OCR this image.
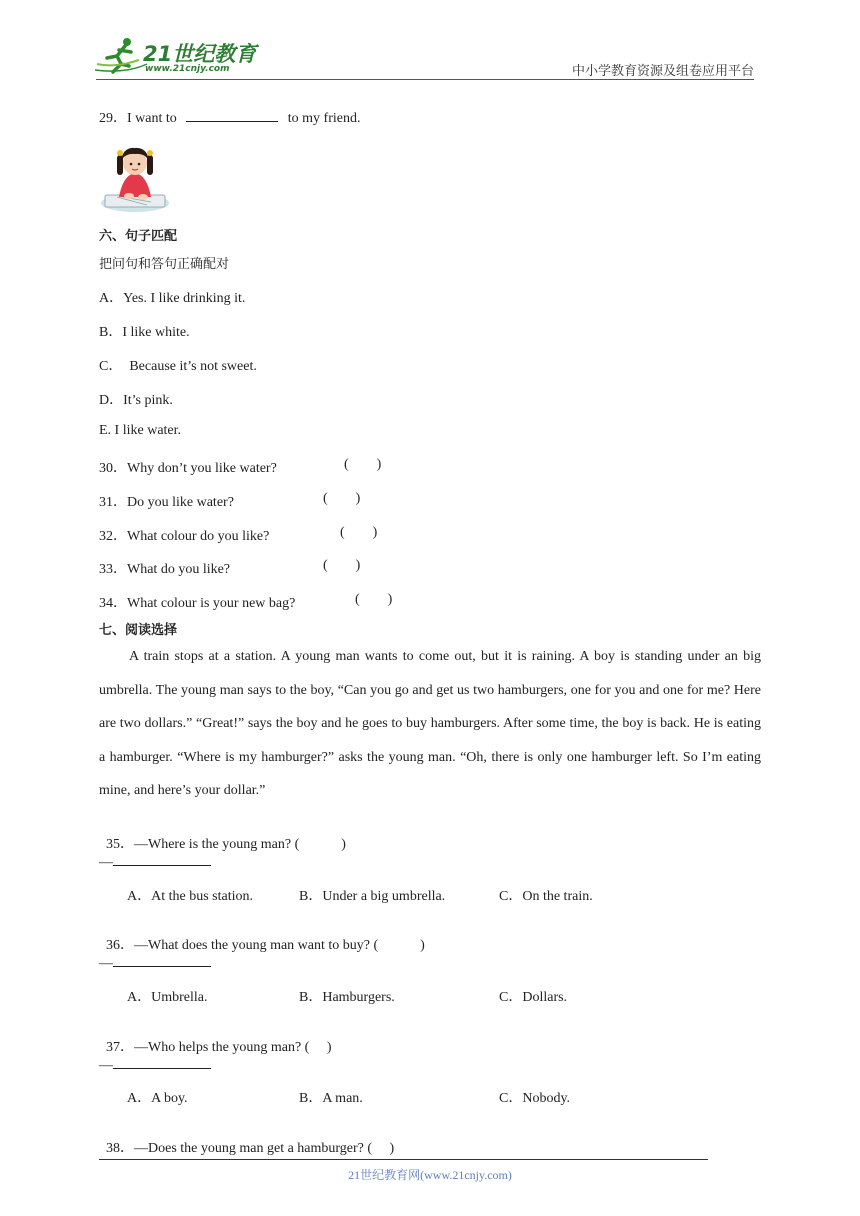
21世纪教育
www.21cnjy.com	中小学教育资源及组卷应用平台
29．I want to	to my friend.
六、句子匹配
把问句和答句正确配对
A．Yes. I like drinking it.
B．I like white.
C．  Because it’s not sweet.
D．It’s pink.
E. I like water.
30．Why don’t you like water?	(        )
31．Do you like water?	(        )
32．What colour do you like?	(        )
33．What do you like?	(        )
34．What colour is your new bag?	(        )
七、阅读选择
A train stops at a station. A young man wants to come out, but it is raining. A boy is standing under an big umbrella. The young man says to the boy, “Can you go and get us two hamburgers, one for you and one for me? Here are two dollars.” “Great!” says the boy and he goes to buy hamburgers. After some time, the boy is back. He is eating a hamburger. “Where is my hamburger?” asks the young man. “Oh, there is only one hamburger left. So I’m eating mine, and here’s your dollar.”

35．—Where is the young man? (            )

—
A．At the bus station.	B．Under a big umbrella.	C．On the train.

36．—What does the young man want to buy? (            )

—
A．Umbrella.	B．Hamburgers.	C．Dollars.

37．—Who helps the young man? (     )

—
A．A boy.	B．A man.	C．Nobody.

38．—Does the young man get a hamburger? (     )

21世纪教育网(www.21cnjy.com)
